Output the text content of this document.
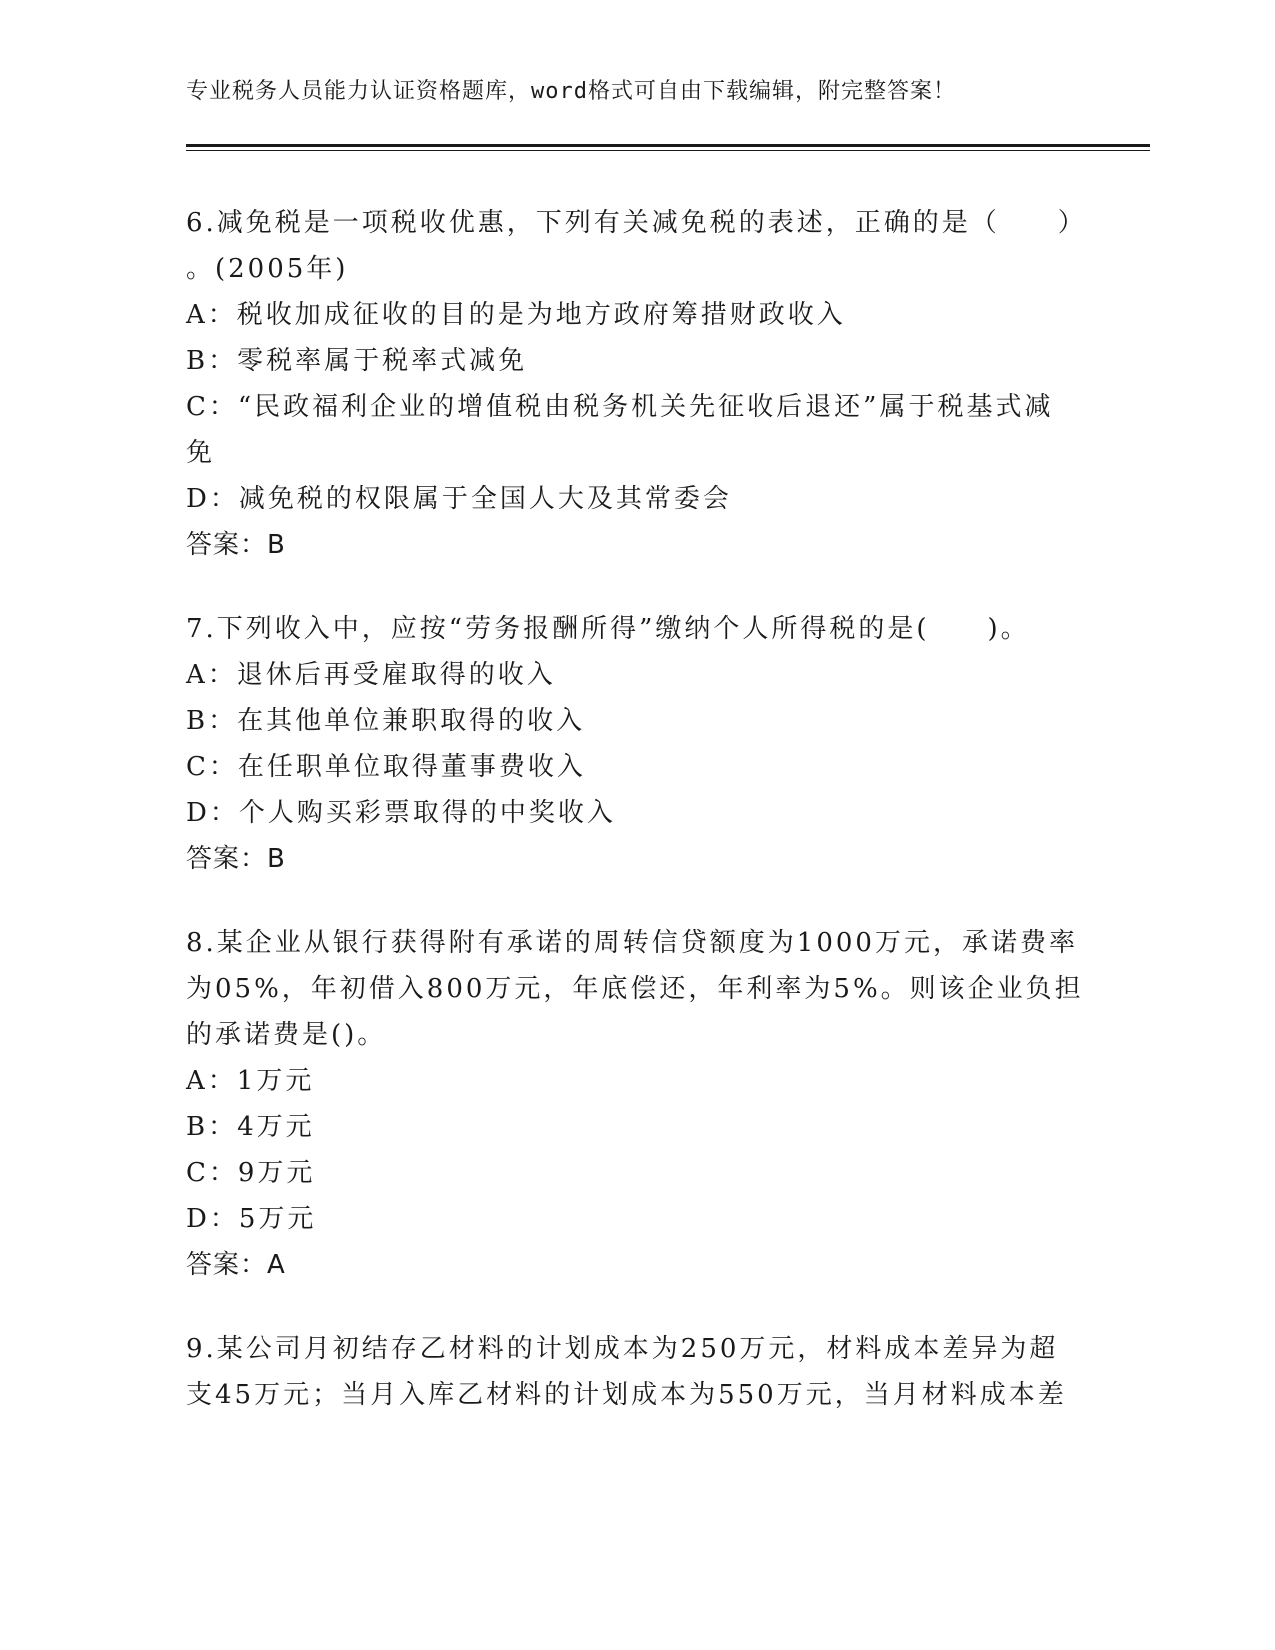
专业税务人员能力认证资格题库，word格式可自由下载编辑，附完整答案！
6.减免税是一项税收优惠，下列有关减免税的表述，正确的是（　　）
。(2005年)
A：税收加成征收的目的是为地方政府筹措财政收入
B：零税率属于税率式减免
C：“民政福利企业的增值税由税务机关先征收后退还”属于税基式减
免
D：减免税的权限属于全国人大及其常委会
答案：B
7.下列收入中，应按“劳务报酬所得”缴纳个人所得税的是(　　)。
A：退休后再受雇取得的收入
B：在其他单位兼职取得的收入
C：在任职单位取得董事费收入
D：个人购买彩票取得的中奖收入
答案：B
8.某企业从银行获得附有承诺的周转信贷额度为1000万元，承诺费率
为05%，年初借入800万元，年底偿还，年利率为5%。则该企业负担
的承诺费是()。
A：1万元
B：4万元
C：9万元
D：5万元
答案：A
9.某公司月初结存乙材料的计划成本为250万元，材料成本差异为超
支45万元；当月入库乙材料的计划成本为550万元，当月材料成本差
